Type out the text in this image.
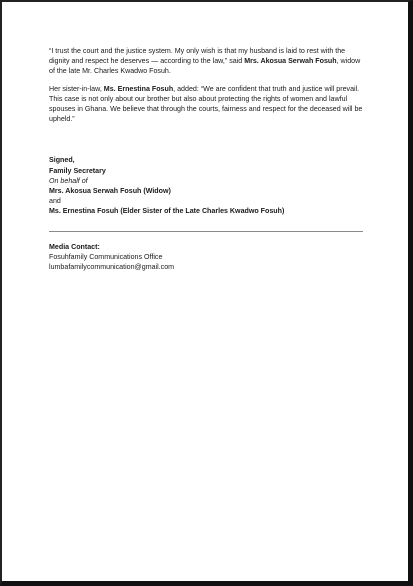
“I trust the court and the justice system. My only wish is that my husband is laid to rest with the dignity and respect he deserves — according to the law,” said Mrs. Akosua Serwah Fosuh, widow of the late Mr. Charles Kwadwo Fosuh.

Her sister-in-law, Ms. Ernestina Fosuh, added: “We are confident that truth and justice will prevail. This case is not only about our brother but also about protecting the rights of women and lawful spouses in Ghana. We believe that through the courts, fairness and respect for the deceased will be upheld.”

Signed,

Family Secretary

On behalf of

Mrs. Akosua Serwah Fosuh (Widow)

and

Ms. Ernestina Fosuh (Elder Sister of the Late Charles Kwadwo Fosuh)

Media Contact:

Fosuhfamily Communications Office

lumbafamilycommunication@gmail.com
